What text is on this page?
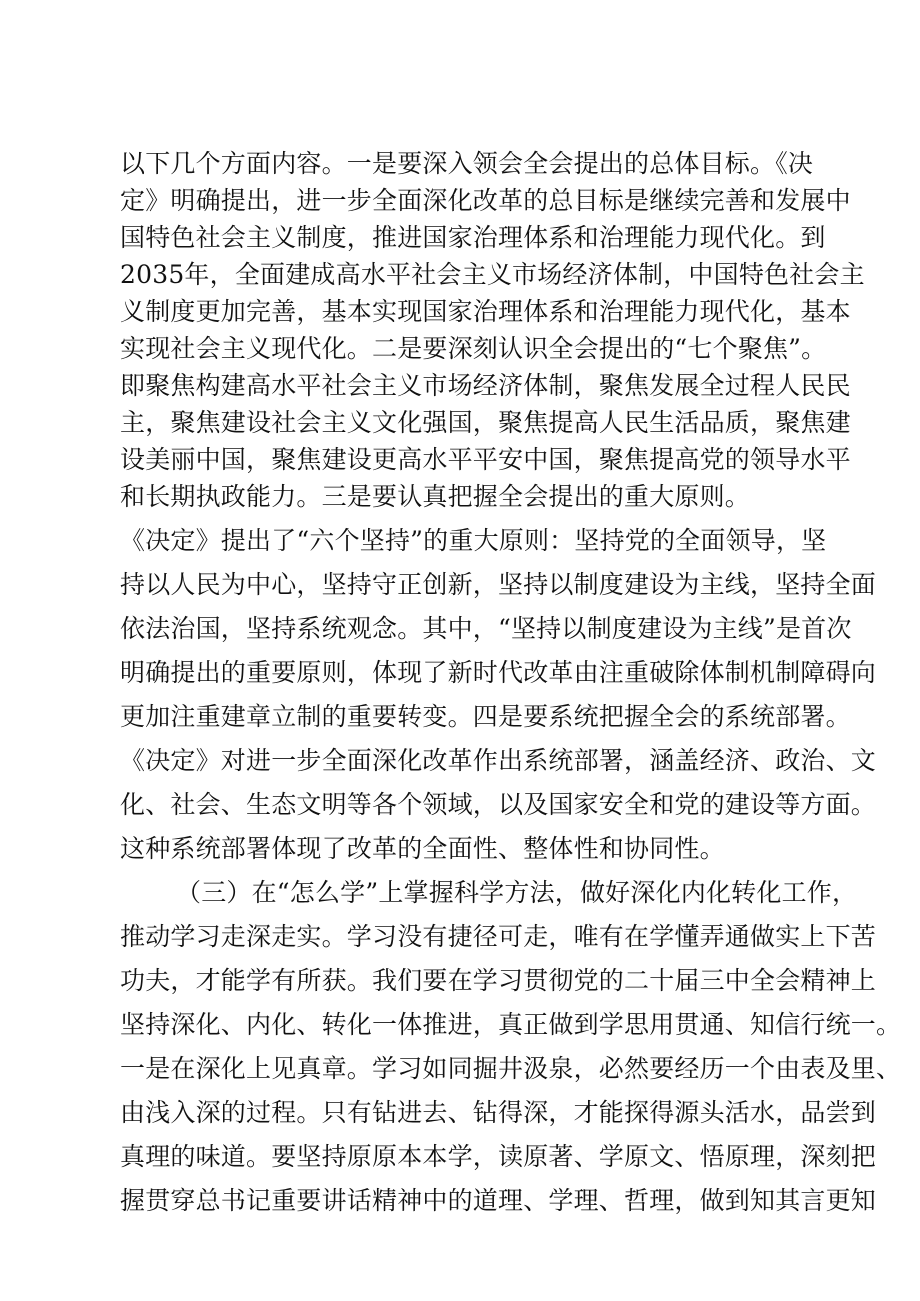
以下几个方面内容。一是要深入领会全会提出的总体目标。《决
定》明确提出，进一步全面深化改革的总目标是继续完善和发展中
国特色社会主义制度，推进国家治理体系和治理能力现代化。到
2035年，全面建成高水平社会主义市场经济体制，中国特色社会主
义制度更加完善，基本实现国家治理体系和治理能力现代化，基本
实现社会主义现代化。二是要深刻认识全会提出的“七个聚焦”。
即聚焦构建高水平社会主义市场经济体制，聚焦发展全过程人民民
主，聚焦建设社会主义文化强国，聚焦提高人民生活品质，聚焦建
设美丽中国，聚焦建设更高水平平安中国，聚焦提高党的领导水平
和长期执政能力。三是要认真把握全会提出的重大原则。
《决定》提出了“六个坚持”的重大原则：坚持党的全面领导，坚
持以人民为中心，坚持守正创新，坚持以制度建设为主线，坚持全面
依法治国，坚持系统观念。其中，“坚持以制度建设为主线”是首次
明确提出的重要原则，体现了新时代改革由注重破除体制机制障碍向
更加注重建章立制的重要转变。四是要系统把握全会的系统部署。
《决定》对进一步全面深化改革作出系统部署，涵盖经济、政治、文
化、社会、生态文明等各个领域，以及国家安全和党的建设等方面。
这种系统部署体现了改革的全面性、整体性和协同性。
（三）在“怎么学”上掌握科学方法，做好深化内化转化工作，
推动学习走深走实。学习没有捷径可走，唯有在学懂弄通做实上下苦
功夫，才能学有所获。我们要在学习贯彻党的二十届三中全会精神上
坚持深化、内化、转化一体推进，真正做到学思用贯通、知信行统一。
一是在深化上见真章。学习如同掘井汲泉，必然要经历一个由表及里、
由浅入深的过程。只有钻进去、钻得深，才能探得源头活水，品尝到
真理的味道。要坚持原原本本学，读原著、学原文、悟原理，深刻把
握贯穿总书记重要讲话精神中的道理、学理、哲理，做到知其言更知
